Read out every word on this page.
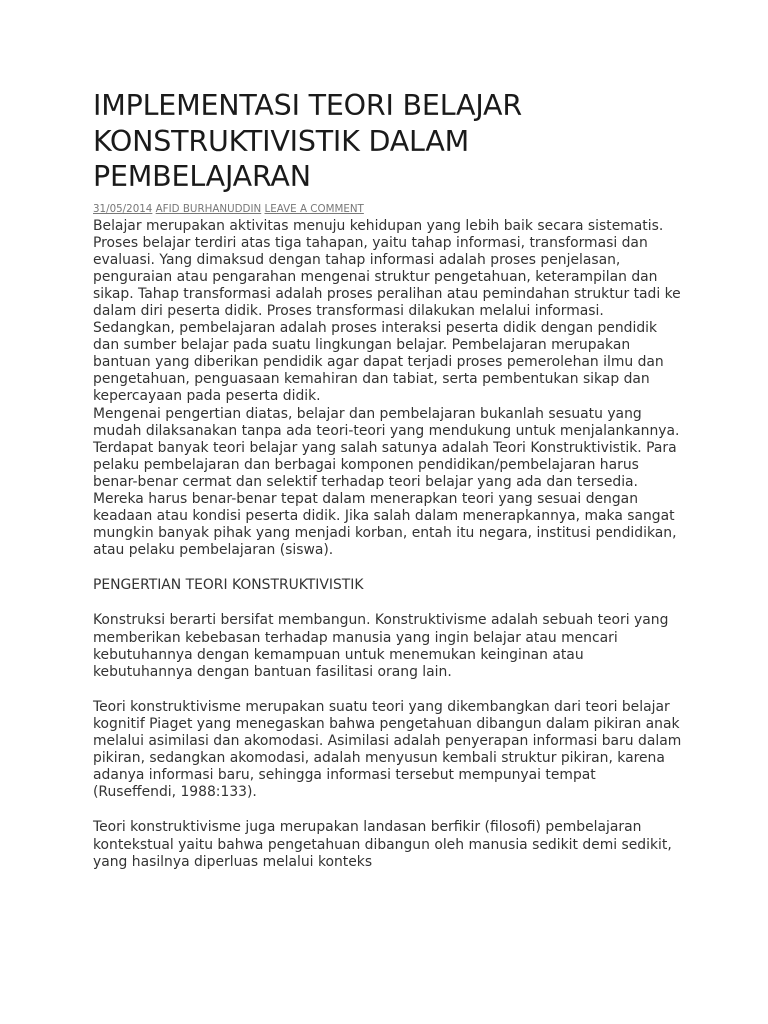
IMPLEMENTASI TEORI BELAJAR KONSTRUKTIVISTIK DALAM PEMBELAJARAN
31/05/2014 AFID BURHANUDDIN LEAVE A COMMENT

Belajar merupakan aktivitas menuju kehidupan yang lebih baik secara sistematis. Proses belajar terdiri atas tiga tahapan, yaitu tahap informasi, transformasi dan evaluasi. Yang dimaksud dengan tahap informasi adalah proses penjelasan, penguraian atau pengarahan mengenai struktur pengetahuan, keterampilan dan sikap. Tahap transformasi adalah proses peralihan atau pemindahan struktur tadi ke dalam diri peserta didik. Proses transformasi dilakukan melalui informasi. Sedangkan, pembelajaran adalah proses interaksi peserta didik dengan pendidik dan sumber belajar pada suatu lingkungan belajar. Pembelajaran merupakan bantuan yang diberikan pendidik agar dapat terjadi proses pemerolehan ilmu dan pengetahuan, penguasaan kemahiran dan tabiat, serta pembentukan sikap dan kepercayaan pada peserta didik.

Mengenai pengertian diatas, belajar dan pembelajaran bukanlah sesuatu yang mudah dilaksanakan tanpa ada teori-teori yang mendukung untuk menjalankannya. Terdapat banyak teori belajar yang salah satunya adalah Teori Konstruktivistik. Para pelaku pembelajaran dan berbagai komponen pendidikan/pembelajaran harus benar-benar cermat dan selektif terhadap teori belajar yang ada dan tersedia. Mereka harus benar-benar tepat dalam menerapkan teori yang sesuai dengan keadaan atau kondisi peserta didik. Jika salah dalam menerapkannya, maka sangat mungkin banyak pihak yang menjadi korban, entah itu negara, institusi pendidikan, atau pelaku pembelajaran (siswa).

PENGERTIAN TEORI KONSTRUKTIVISTIK

Konstruksi berarti bersifat membangun. Konstruktivisme adalah sebuah teori yang memberikan kebebasan terhadap manusia yang ingin belajar atau mencari kebutuhannya dengan kemampuan untuk menemukan keinginan atau kebutuhannya dengan bantuan fasilitasi orang lain.

Teori konstruktivisme merupakan suatu teori yang dikembangkan dari teori belajar kognitif Piaget yang menegaskan bahwa pengetahuan dibangun dalam pikiran anak melalui asimilasi dan akomodasi. Asimilasi adalah penyerapan informasi baru dalam pikiran, sedangkan akomodasi, adalah menyusun kembali struktur pikiran, karena adanya informasi baru, sehingga informasi tersebut mempunyai tempat (Ruseffendi, 1988:133).

Teori konstruktivisme juga merupakan landasan berfikir (filosofi) pembelajaran kontekstual yaitu bahwa pengetahuan dibangun oleh manusia sedikit demi sedikit, yang hasilnya diperluas melalui konteks
